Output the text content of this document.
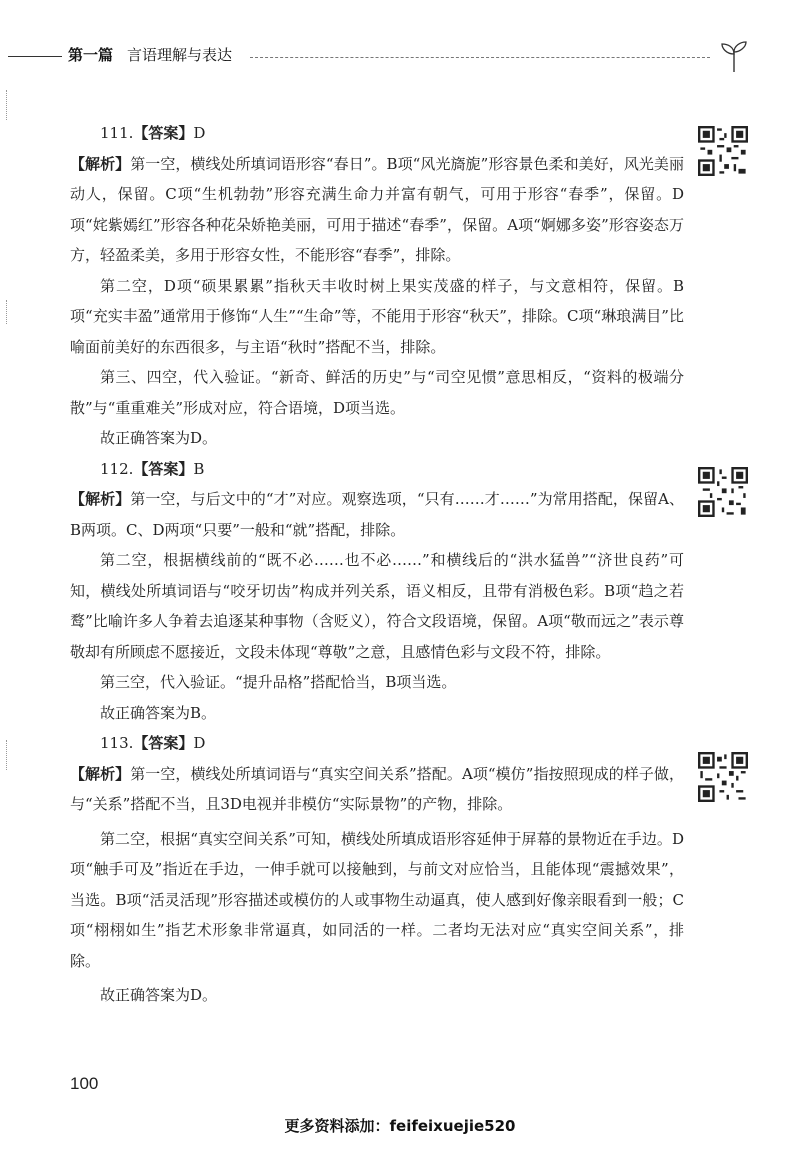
第一篇 言语理解与表达

111.【答案】D

【解析】第一空，横线处所填词语形容“春日”。B项“风光旖旎”形容景色柔和美好，风光美丽动人，保留。C项“生机勃勃”形容充满生命力并富有朝气，可用于形容“春季”，保留。D项“姹紫嫣红”形容各种花朵娇艳美丽，可用于描述“春季”，保留。A项“婀娜多姿”形容姿态万方，轻盈柔美，多用于形容女性，不能形容“春季”，排除。

第二空，D项“硕果累累”指秋天丰收时树上果实茂盛的样子，与文意相符，保留。B项“充实丰盈”通常用于修饰“人生”“生命”等，不能用于形容“秋天”，排除。C项“琳琅满目”比喻面前美好的东西很多，与主语“秋时”搭配不当，排除。

第三、四空，代入验证。“新奇、鲜活的历史”与“司空见惯”意思相反，“资料的极端分散”与“重重难关”形成对应，符合语境，D项当选。

故正确答案为D。

112.【答案】B

【解析】第一空，与后文中的“才”对应。观察选项，“只有……才……”为常用搭配，保留A、B两项。C、D两项“只要”一般和“就”搭配，排除。

第二空，根据横线前的“既不必……也不必……”和横线后的“洪水猛兽”“济世良药”可知，横线处所填词语与“咬牙切齿”构成并列关系，语义相反，且带有消极色彩。B项“趋之若鹜”比喻许多人争着去追逐某种事物（含贬义），符合文段语境，保留。A项“敬而远之”表示尊敬却有所顾虑不愿接近，文段未体现“尊敬”之意，且感情色彩与文段不符，排除。

第三空，代入验证。“提升品格”搭配恰当，B项当选。

故正确答案为B。

113.【答案】D

【解析】第一空，横线处所填词语与“真实空间关系”搭配。A项“模仿”指按照现成的样子做，与“关系”搭配不当，且3D电视并非模仿“实际景物”的产物，排除。

第二空，根据“真实空间关系”可知，横线处所填成语形容延伸于屏幕的景物近在手边。D项“触手可及”指近在手边，一伸手就可以接触到，与前文对应恰当，且能体现“震撼效果”，当选。B项“活灵活现”形容描述或模仿的人或事物生动逼真，使人感到好像亲眼看到一般；C项“栩栩如生”指艺术形象非常逼真，如同活的一样。二者均无法对应“真实空间关系”，排除。

故正确答案为D。

100
更多资料添加：feifeixuejie520
